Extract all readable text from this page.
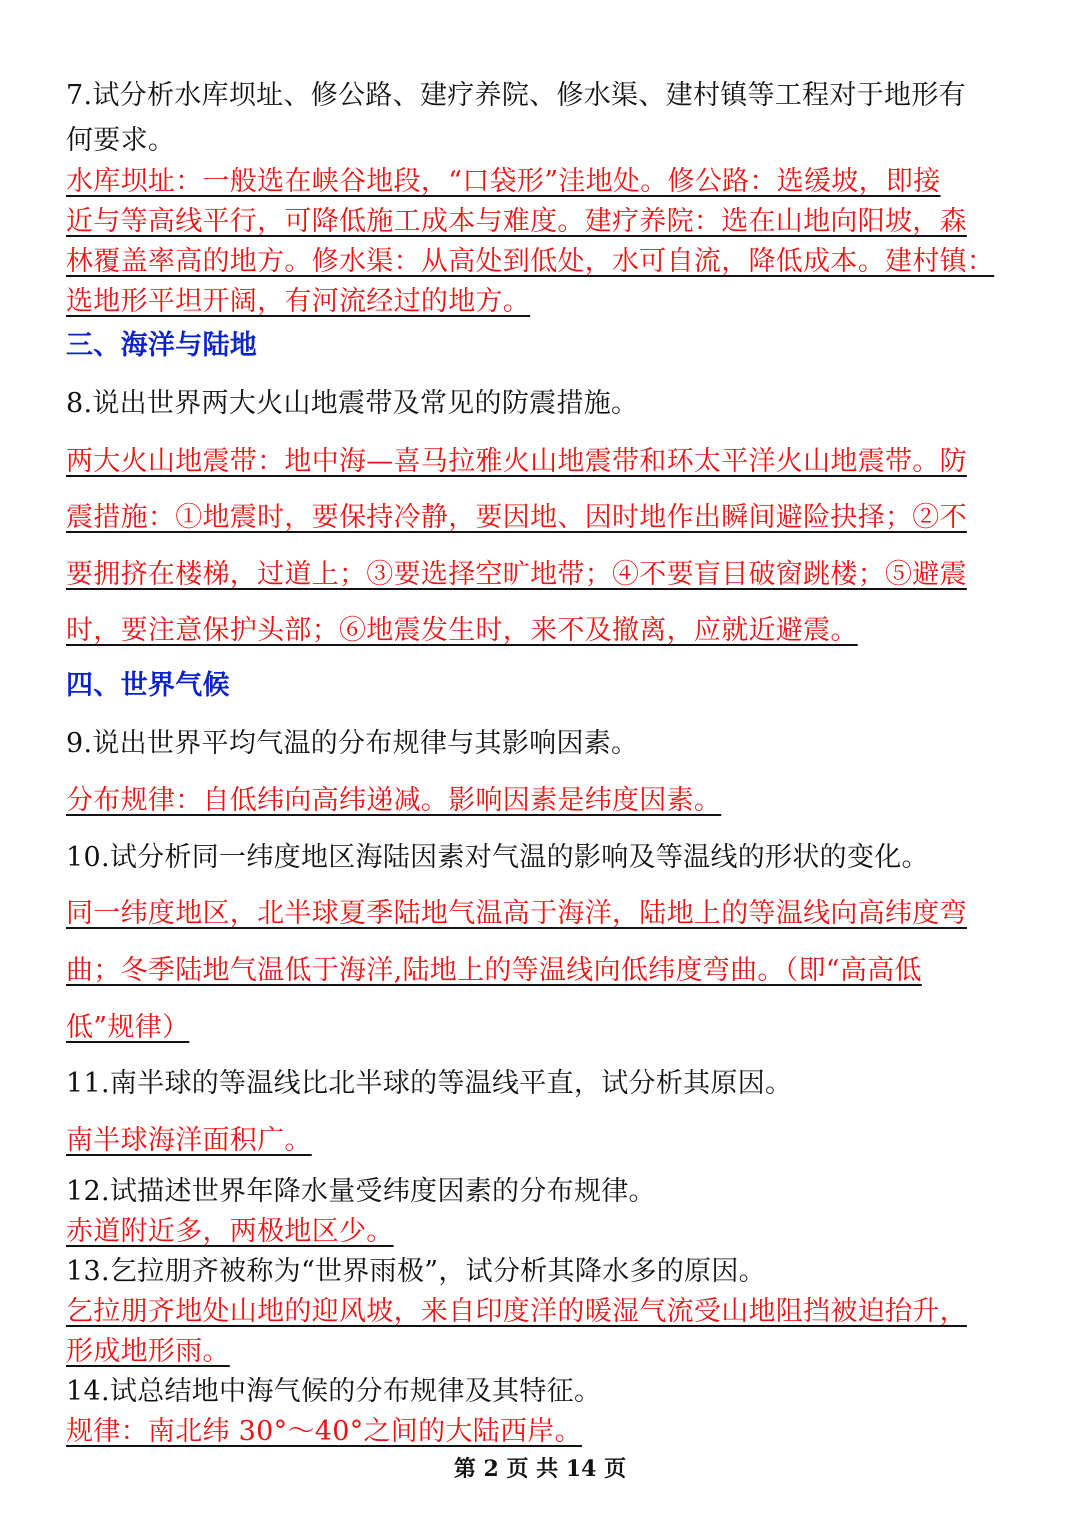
7.试分析水库坝址、修公路、建疗养院、修水渠、建村镇等工程对于地形有
何要求。
水库坝址：一般选在峡谷地段，“口袋形”洼地处。修公路：选缓坡，即接
近与等高线平行，可降低施工成本与难度。建疗养院：选在山地向阳坡，森
林覆盖率高的地方。修水渠：从高处到低处，水可自流，降低成本。建村镇：
选地形平坦开阔，有河流经过的地方。
三、海洋与陆地
8.说出世界两大火山地震带及常见的防震措施。
两大火山地震带：地中海—喜马拉雅火山地震带和环太平洋火山地震带。防
震措施：①地震时，要保持冷静，要因地、因时地作出瞬间避险抉择；②不
要拥挤在楼梯，过道上；③要选择空旷地带；④不要盲目破窗跳楼；⑤避震
时，要注意保护头部；⑥地震发生时，来不及撤离，应就近避震。
四、世界气候
9.说出世界平均气温的分布规律与其影响因素。
分布规律：自低纬向高纬递减。影响因素是纬度因素。
10.试分析同一纬度地区海陆因素对气温的影响及等温线的形状的变化。
同一纬度地区，北半球夏季陆地气温高于海洋，陆地上的等温线向高纬度弯
曲；冬季陆地气温低于海洋,陆地上的等温线向低纬度弯曲。（即“高高低
低”规律）
11.南半球的等温线比北半球的等温线平直，试分析其原因。
南半球海洋面积广。
12.试描述世界年降水量受纬度因素的分布规律。
赤道附近多，两极地区少。
13.乞拉朋齐被称为“世界雨极”，试分析其降水多的原因。
乞拉朋齐地处山地的迎风坡，来自印度洋的暖湿气流受山地阻挡被迫抬升，
形成地形雨。
14.试总结地中海气候的分布规律及其特征。
规律：南北纬 30°～40°之间的大陆西岸。
第 2 页 共 14 页
